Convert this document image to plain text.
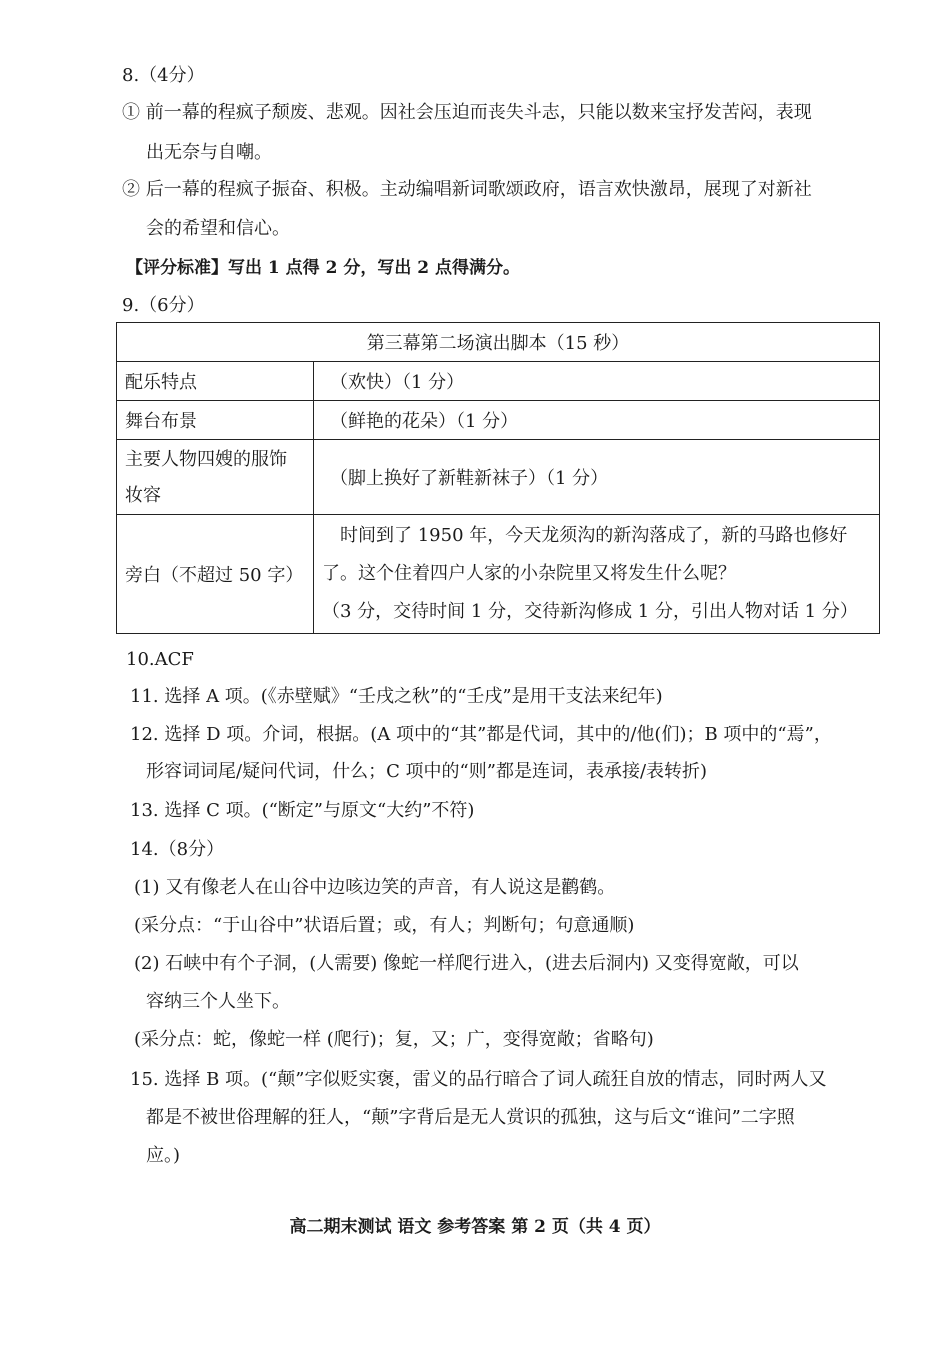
8.（4分）
① 前一幕的程疯子颓废、悲观。因社会压迫而丧失斗志，只能以数来宝抒发苦闷，表现
出无奈与自嘲。
② 后一幕的程疯子振奋、积极。主动编唱新词歌颂政府，语言欢快激昂，展现了对新社
会的希望和信心。
【评分标准】写出 1 点得 2 分，写出 2 点得满分。
9.（6分）
第三幕第二场演出脚本（15 秒）	
配乐特点	（欢快）（1 分）
舞台布景	（鲜艳的花朵）（1 分）

主要人物四嫂的服饰
妆容	（脚上换好了新鞋新袜子）（1 分）
旁白（不超过 50 字）	时间到了 1950 年，今天龙须沟的新沟落成了，新的马路也修好
了。这个住着四户人家的小杂院里又将发生什么呢？
（3 分，交待时间 1 分，交待新沟修成 1 分，引出人物对话 1 分）
10.ACF
11. 选择 A 项。(《赤壁赋》“壬戌之秋”的“壬戌”是用干支法来纪年)
12. 选择 D 项。介词，根据。(A 项中的“其”都是代词，其中的/他(们)；B 项中的“焉”，
形容词词尾/疑问代词，什么；C 项中的“则”都是连词，表承接/表转折)
13. 选择 C 项。(“断定”与原文“大约”不符)
14.（8分）
(1) 又有像老人在山谷中边咳边笑的声音，有人说这是鹳鹤。
(采分点：“于山谷中”状语后置；或，有人；判断句；句意通顺)
(2) 石峡中有个子洞，(人需要) 像蛇一样爬行进入，(进去后洞内) 又变得宽敞，可以
容纳三个人坐下。
(采分点：蛇，像蛇一样 (爬行)；复，又；广，变得宽敞；省略句)
15. 选择 B 项。(“颠”字似贬实褒，雷义的品行暗合了词人疏狂自放的情志，同时两人又
都是不被世俗理解的狂人，“颠”字背后是无人赏识的孤独，这与后文“谁问”二字照
应。)
高二期末测试 语文 参考答案 第 2 页（共 4 页）
